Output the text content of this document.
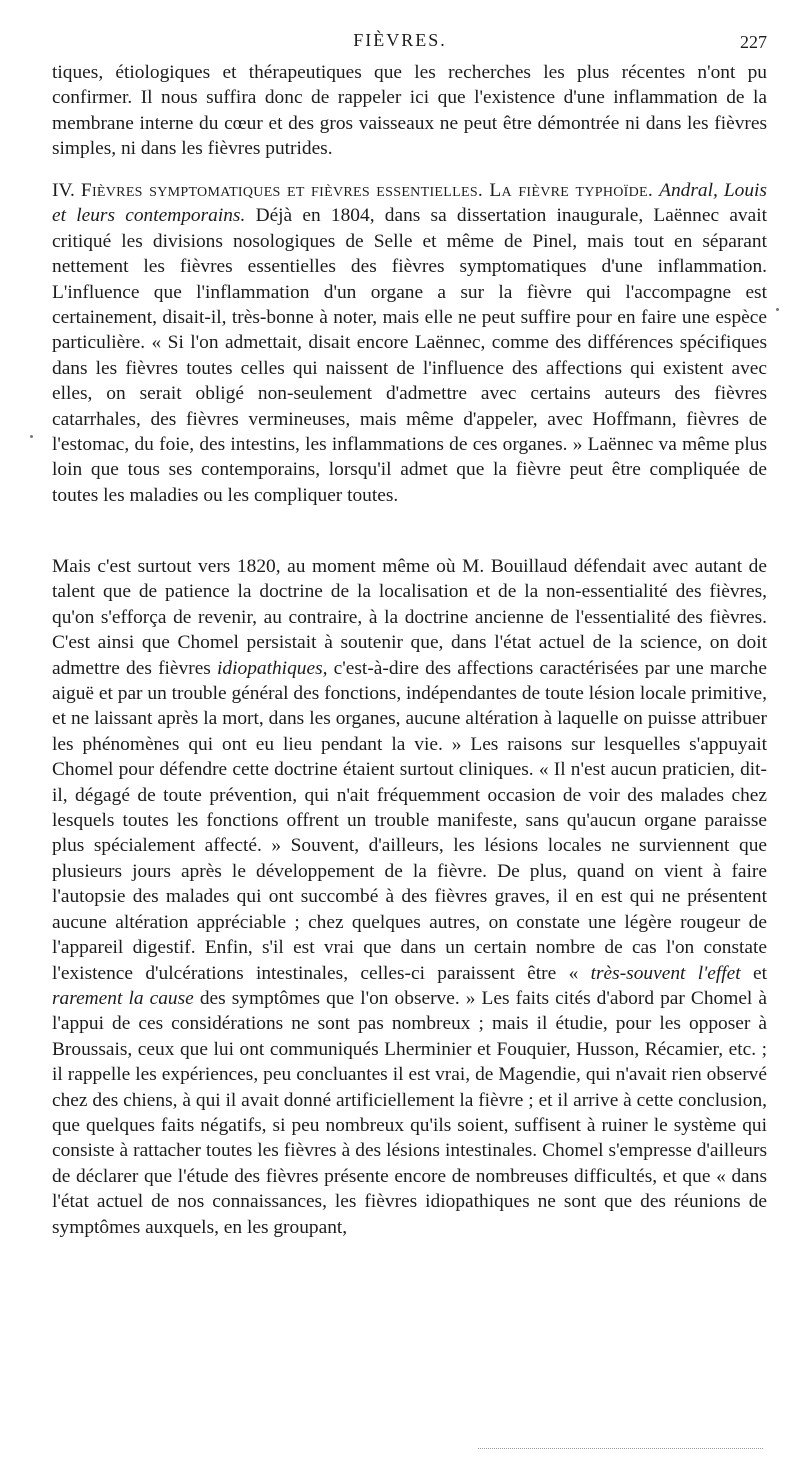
FIÈVRES.	227

tiques, étiologiques et thérapeutiques que les recherches les plus récentes n'ont pu confirmer. Il nous suffira donc de rappeler ici que l'existence d'une inflammation de la membrane interne du cœur et des gros vaisseaux ne peut être démontrée ni dans les fièvres simples, ni dans les fièvres putrides.

IV. Fièvres symptomatiques et fièvres essentielles. La fièvre typhoïde. Andral, Louis et leurs contemporains. Déjà en 1804, dans sa dissertation inaugurale, Laënnec avait critiqué les divisions nosologiques de Selle et même de Pinel, mais tout en séparant nettement les fièvres essentielles des fièvres symptomatiques d'une inflammation. L'influence que l'inflammation d'un organe a sur la fièvre qui l'accompagne est certainement, disait-il, très-bonne à noter, mais elle ne peut suffire pour en faire une espèce particulière. « Si l'on admettait, disait encore Laënnec, comme des différences spécifiques dans les fièvres toutes celles qui naissent de l'influence des affections qui existent avec elles, on serait obligé non-seulement d'admettre avec certains auteurs des fièvres catarrhales, des fièvres vermineuses, mais même d'appeler, avec Hoffmann, fièvres de l'estomac, du foie, des intestins, les inflammations de ces organes. » Laënnec va même plus loin que tous ses contemporains, lorsqu'il admet que la fièvre peut être compliquée de toutes les maladies ou les compliquer toutes.

Mais c'est surtout vers 1820, au moment même où M. Bouillaud défendait avec autant de talent que de patience la doctrine de la localisation et de la non-essentialité des fièvres, qu'on s'efforça de revenir, au contraire, à la doctrine ancienne de l'essentialité des fièvres. C'est ainsi que Chomel persistait à soutenir que, dans l'état actuel de la science, on doit admettre des fièvres idiopathiques, c'est-à-dire des affections caractérisées par une marche aiguë et par un trouble général des fonctions, indépendantes de toute lésion locale primitive, et ne laissant après la mort, dans les organes, aucune altération à laquelle on puisse attribuer les phénomènes qui ont eu lieu pendant la vie. » Les raisons sur lesquelles s'appuyait Chomel pour défendre cette doctrine étaient surtout cliniques. « Il n'est aucun praticien, dit-il, dégagé de toute prévention, qui n'ait fréquemment occasion de voir des malades chez lesquels toutes les fonctions offrent un trouble manifeste, sans qu'aucun organe paraisse plus spécialement affecté. » Souvent, d'ailleurs, les lésions locales ne surviennent que plusieurs jours après le développement de la fièvre. De plus, quand on vient à faire l'autopsie des malades qui ont succombé à des fièvres graves, il en est qui ne présentent aucune altération appréciable ; chez quelques autres, on constate une légère rougeur de l'appareil digestif. Enfin, s'il est vrai que dans un certain nombre de cas l'on constate l'existence d'ulcérations intestinales, celles-ci paraissent être « très-souvent l'effet et rarement la cause des symptômes que l'on observe. » Les faits cités d'abord par Chomel à l'appui de ces considérations ne sont pas nombreux ; mais il étudie, pour les opposer à Broussais, ceux que lui ont communiqués Lherminier et Fouquier, Husson, Récamier, etc. ; il rappelle les expériences, peu concluantes il est vrai, de Magendie, qui n'avait rien observé chez des chiens, à qui il avait donné artificiellement la fièvre ; et il arrive à cette conclusion, que quelques faits négatifs, si peu nombreux qu'ils soient, suffisent à ruiner le système qui consiste à rattacher toutes les fièvres à des lésions intestinales. Chomel s'empresse d'ailleurs de déclarer que l'étude des fièvres présente encore de nombreuses difficultés, et que « dans l'état actuel de nos connaissances, les fièvres idiopathiques ne sont que des réunions de symptômes auxquels, en les groupant,
